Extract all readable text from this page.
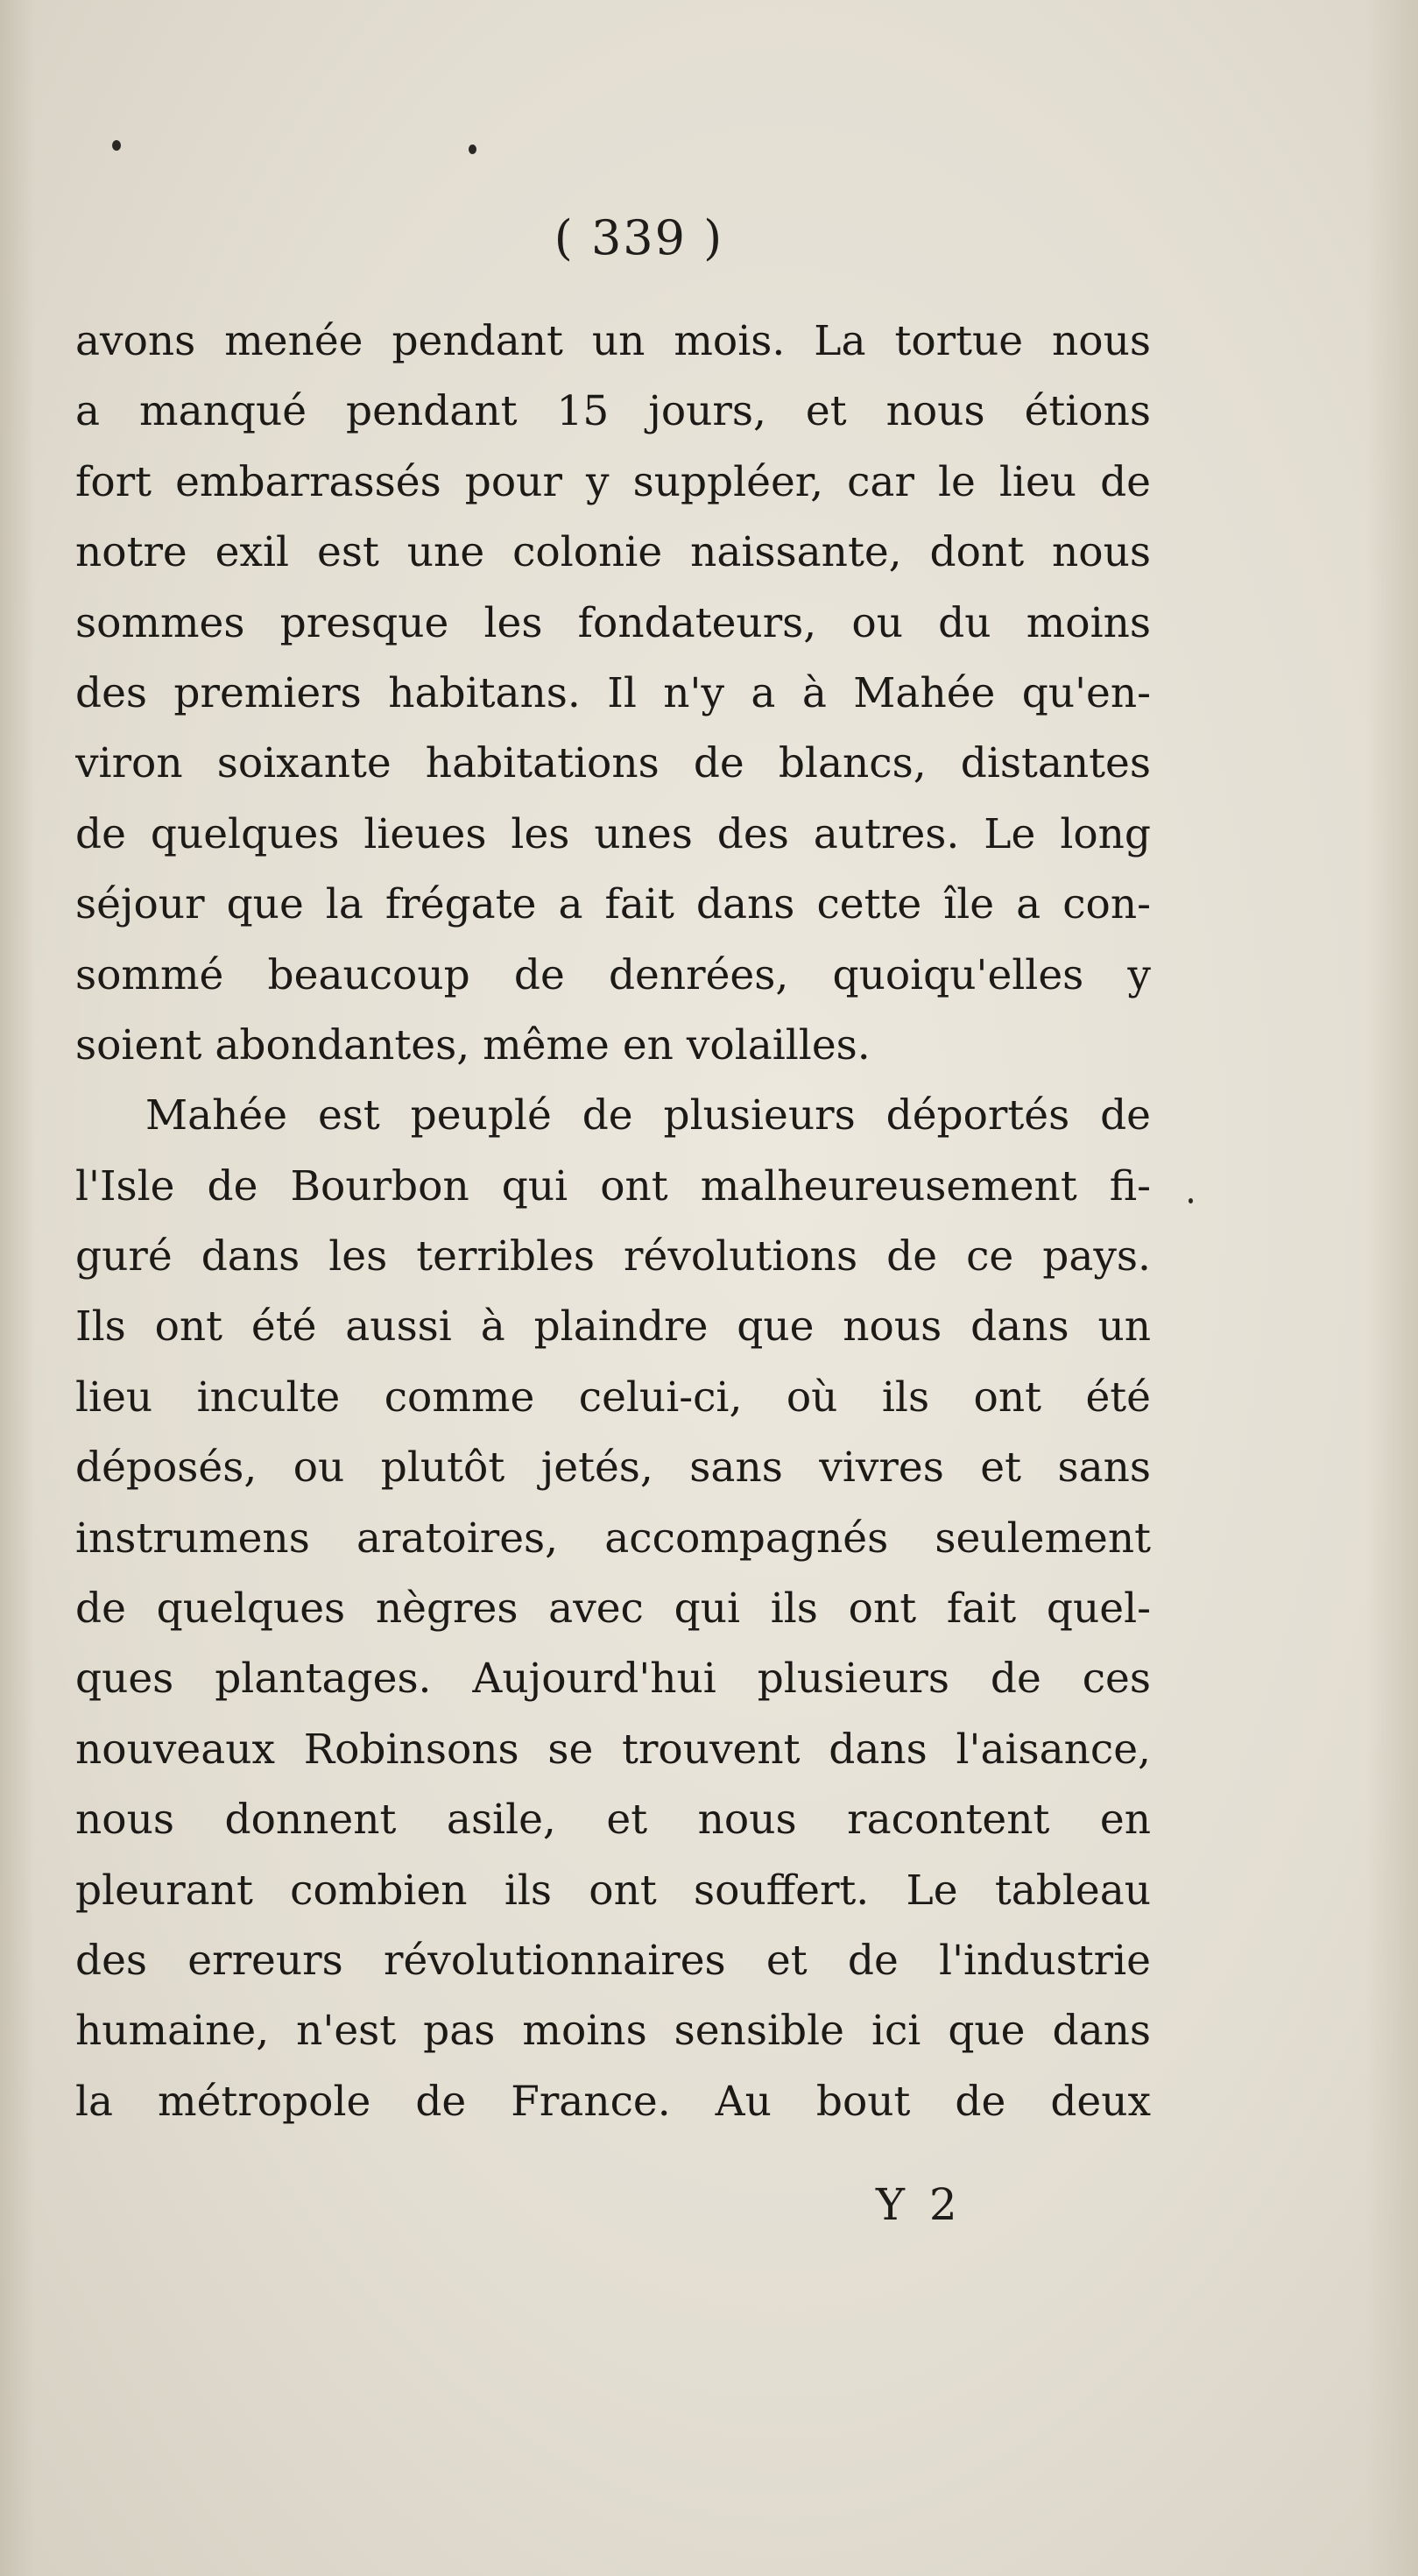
( 339 )
avons menée pendant un mois. La tortue nous
a manqué pendant 15 jours, et nous étions
fort embarrassés pour y suppléer, car le lieu de
notre exil est une colonie naissante, dont nous
sommes presque les fondateurs, ou du moins
des premiers habitans. Il n'y a à Mahée qu'en-
viron soixante habitations de blancs, distantes
de quelques lieues les unes des autres. Le long
séjour que la frégate a fait dans cette île a con-
sommé beaucoup de denrées, quoiqu'elles y
soient abondantes, même en volailles.
Mahée est peuplé de plusieurs déportés de
l'Isle de Bourbon qui ont malheureusement fi-
guré dans les terribles révolutions de ce pays.
Ils ont été aussi à plaindre que nous dans un
lieu inculte comme celui-ci, où ils ont été
déposés, ou plutôt jetés, sans vivres et sans
instrumens aratoires, accompagnés seulement
de quelques nègres avec qui ils ont fait quel-
ques plantages. Aujourd'hui plusieurs de ces
nouveaux Robinsons se trouvent dans l'aisance,
nous donnent asile, et nous racontent en
pleurant combien ils ont souffert. Le tableau
des erreurs révolutionnaires et de l'industrie
humaine, n'est pas moins sensible ici que dans
la métropole de France. Au bout de deux
Y 2
